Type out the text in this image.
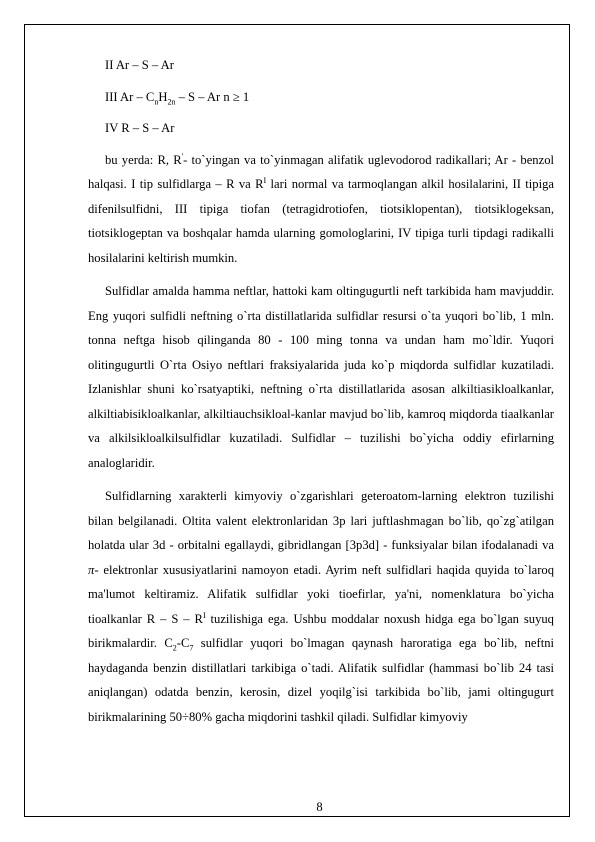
II Ar – S – Ar
III Ar – $C_nH_{2n}$ – S – Ar n ≥ 1
IV R – S – Ar

bu yerda: R, R'- to`yingan va to`yinmagan alifatik uglevodorod radikallari; Ar - benzol halqasi. I tip sulfidlarga – R va $R^I$ lari normal va tarmoqlangan alkil hosilalarini, II tipiga difenilsulfidni, III tipiga tiofan (tetragidrotiofen, tiotsiklopentan), tiotsiklogeksan, tiotsiklogeptan va boshqalar hamda ularning gomologlarini, IV tipiga turli tipdagi radikalli hosilalarini keltirish mumkin.

Sulfidlar amalda hamma neftlar, hattoki kam oltingugurtli neft tarkibida ham mavjuddir. Eng yuqori sulfidli neftning o`rta distillatlarida sulfidlar resursi o`ta yuqori bo`lib, 1 mln. tonna neftga hisob qilinganda 80 - 100 ming tonna va undan ham mo`ldir. Yuqori olitingugurtli O`rta Osiyo neftlari fraksiyalarida juda ko`p miqdorda sulfidlar kuzatiladi. Izlanishlar shuni ko`rsatyaptiki, neftning o`rta distillatlarida asosan alkiltiasikloalkanlar, alkiltiabisikloalkanlar, alkiltiauchsikloal-kanlar mavjud bo`lib, kamroq miqdorda tiaalkanlar va alkilsikloalkilsulfidlar kuzatiladi. Sulfidlar – tuzilishi bo`yicha oddiy efirlarning analoglaridir.

Sulfidlarning xarakterli kimyoviy o`zgarishlari geteroatom-larning elektron tuzilishi bilan belgilanadi. Oltita valent elektronlaridan 3p lari juftlashmagan bo`lib, qo`zg`atilgan holatda ular 3d - orbitalni egallaydi, gibridlangan [3p3d] - funksiyalar bilan ifodalanadi va π- elektronlar xususiyatlarini namoyon etadi. Ayrim neft sulfidlari haqida quyida to`laroq ma'lumot keltiramiz. Alifatik sulfidlar yoki tioefirlar, ya'ni, nomenklatura bo`yicha tioalkanlar R – S – $R^I$ tuzilishiga ega. Ushbu moddalar noxush hidga ega bo`lgan suyuq birikmalardir. $C_2-C_7$ sulfidlar yuqori bo`lmagan qaynash haroratiga ega bo`lib, neftni haydaganda benzin distillatlari tarkibiga o`tadi. Alifatik sulfidlar (hammasi bo`lib 24 tasi aniqlangan) odatda benzin, kerosin, dizel yoqilg`isi tarkibida bo`lib, jami oltingugurt birikmalarining 50÷80% gacha miqdorini tashkil qiladi. Sulfidlar kimyoviy

8
